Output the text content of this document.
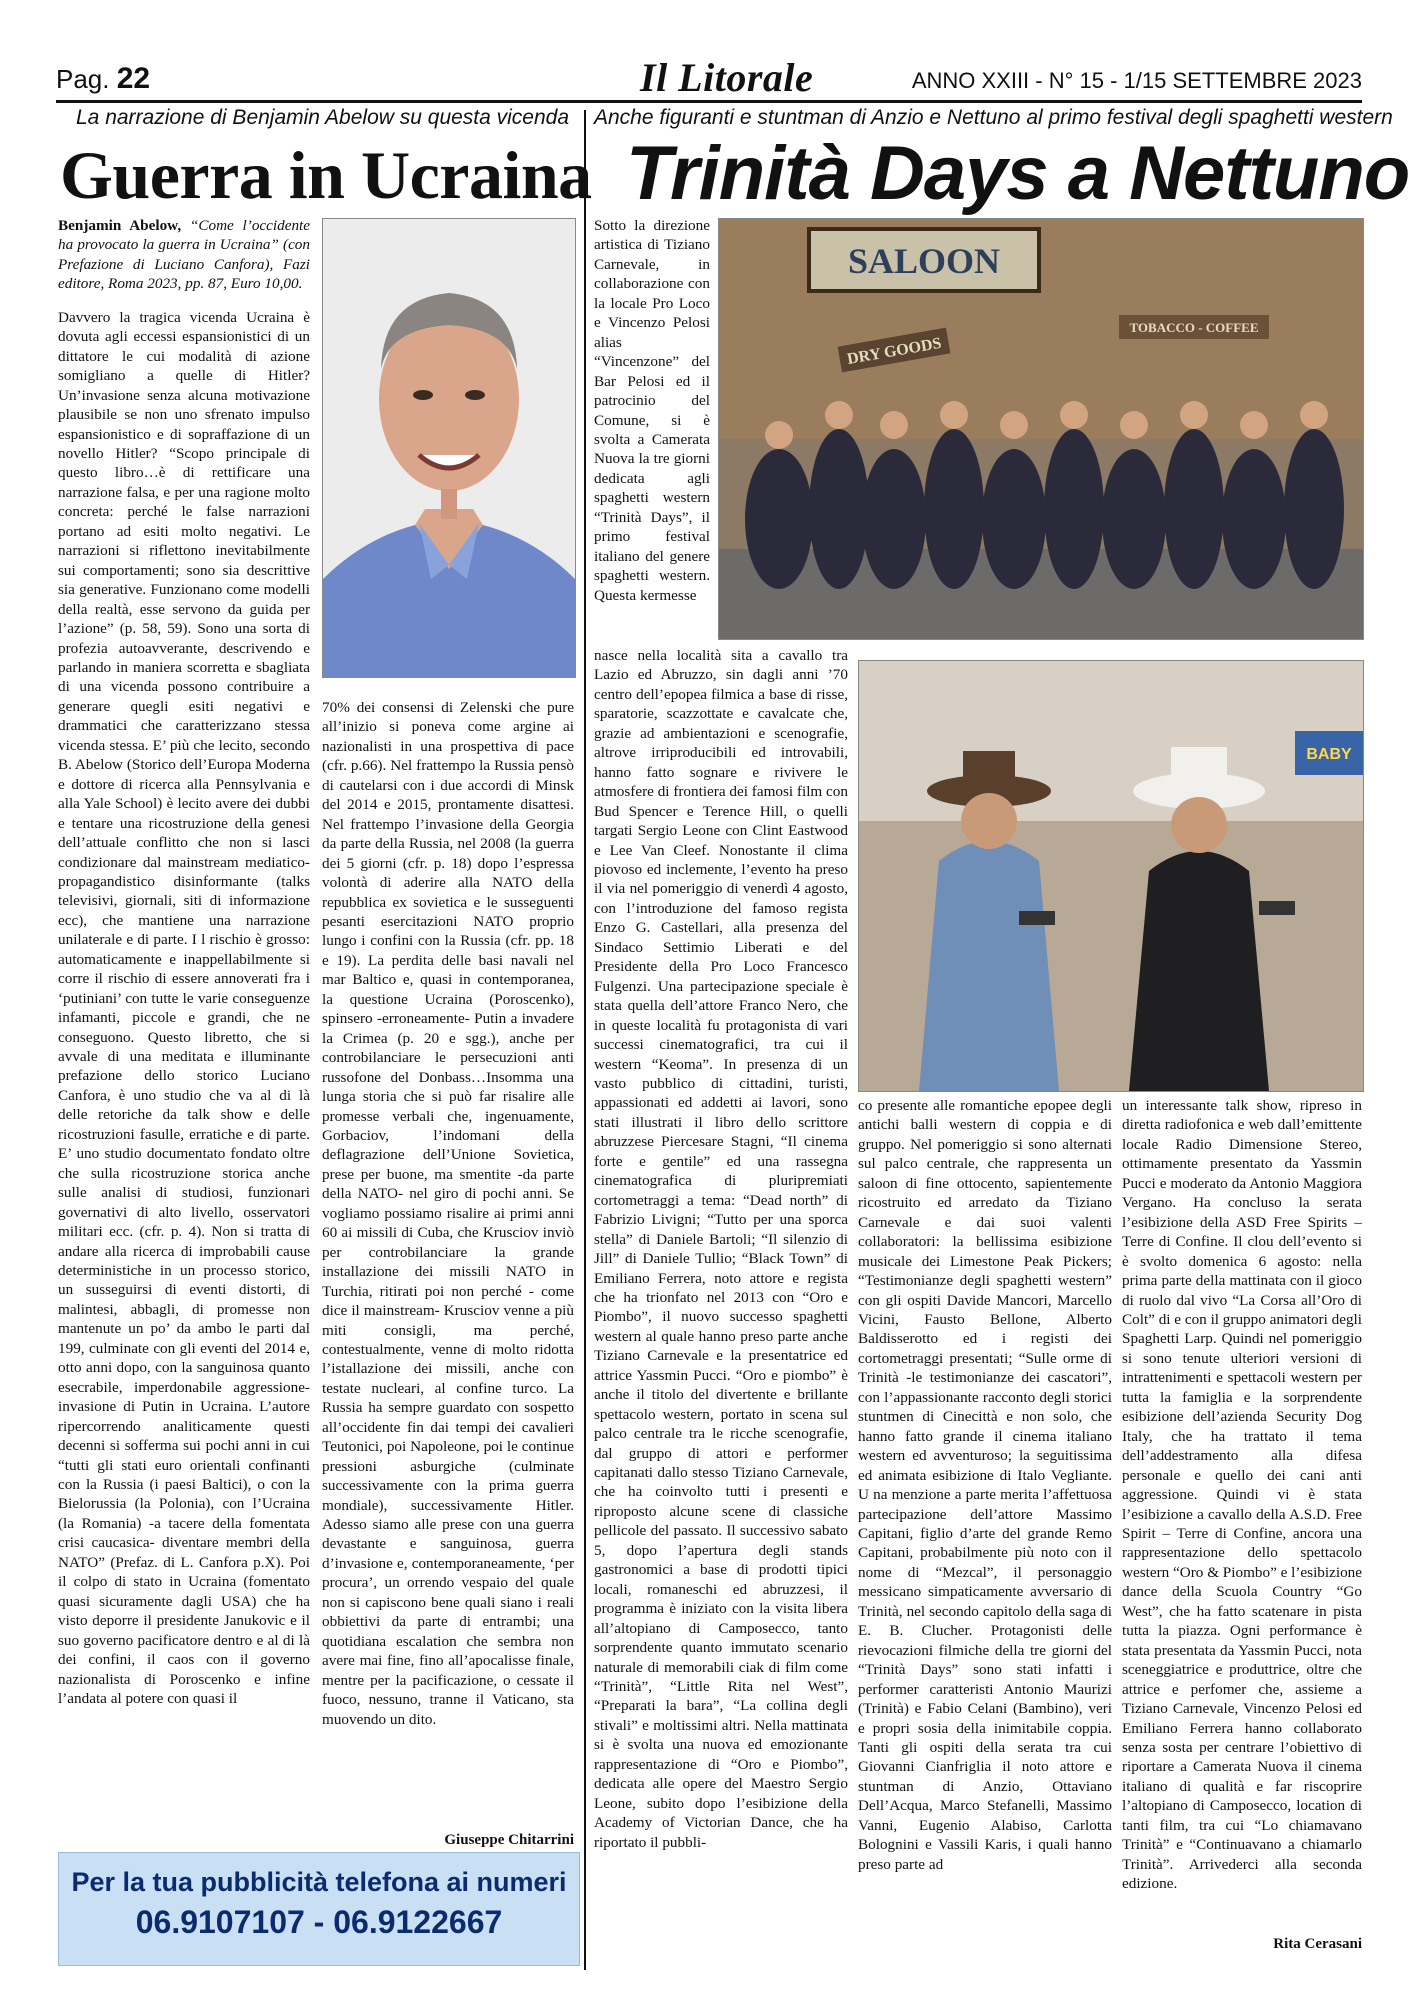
Pag. 22	Il Litorale	ANNO XXIII - N° 15 - 1/15 SETTEMBRE 2023
La narrazione di Benjamin Abelow su questa vicenda
Guerra in Ucraina

Benjamin Abelow, “Come l’occidente ha provocato la guerra in Ucraina” (con Prefazione di Luciano Canfora), Fazi editore, Roma 2023, pp. 87, Euro 10,00.

Davvero la tragica vicenda Ucraina è dovuta agli eccessi espansionistici di un dittatore le cui modalità di azione somigliano a quelle di Hitler? Un’invasione senza alcuna motivazione plausibile se non uno sfrenato impulso espansionistico e di sopraffazione di un novello Hitler? “Scopo principale di questo libro…è di rettificare una narrazione falsa, e per una ragione molto concreta: perché le false narrazioni portano ad esiti molto negativi. Le narrazioni si riflettono inevitabilmente sui comportamenti; sono sia descrittive sia generative. Funzionano come modelli della realtà, esse servono da guida per l’azione” (p. 58, 59). Sono una sorta di profezia autoavverante, descrivendo e parlando in maniera scorretta e sbagliata di una vicenda possono contribuire a generare quegli esiti negativi e drammatici che caratterizzano stessa vicenda stessa. E’ più che lecito, secondo B. Abelow (Storico dell’Europa Moderna e dottore di ricerca alla Pennsylvania e alla Yale School) è lecito avere dei dubbi e tentare una ricostruzione della genesi dell’attuale conflitto che non si lasci condizionare dal mainstream mediatico-propagandistico disinformante (talks televisivi, giornali, siti di informazione ecc), che mantiene una narrazione unilaterale e di parte. I l rischio è grosso: automaticamente e inappellabilmente si corre il rischio di essere annoverati fra i ‘putiniani’ con tutte le varie conseguenze infamanti, piccole e grandi, che ne conseguono. Questo libretto, che si avvale di una meditata e illuminante prefazione dello storico Luciano Canfora, è uno studio che va al di là delle retoriche da talk show e delle ricostruzioni fasulle, erratiche e di parte. E’ uno studio documentato fondato oltre che sulla ricostruzione storica anche sulle analisi di studiosi, funzionari governativi di alto livello, osservatori militari ecc. (cfr. p. 4). Non si tratta di andare alla ricerca di improbabili cause deterministiche in un processo storico, un susseguirsi di eventi distorti, di malintesi, abbagli, di promesse non mantenute un po’ da ambo le parti dal 199, culminate con gli eventi del 2014 e, otto anni dopo, con la sanguinosa quanto esecrabile, imperdonabile aggressione-invasione di Putin in Ucraina. L’autore ripercorrendo analiticamente questi decenni si sofferma sui pochi anni in cui “tutti gli stati euro orientali confinanti con la Russia (i paesi Baltici), o con la Bielorussia (la Polonia), con l’Ucraina (la Romania) -a tacere della fomentata crisi caucasica- diventare membri della NATO” (Prefaz. di L. Canfora p.X). Poi il colpo di stato in Ucraina (fomentato quasi sicuramente dagli USA) che ha visto deporre il presidente Janukovic e il suo governo pacificatore dentro e al di là dei confini, il caos con il governo nazionalista di Poroscenko e infine l’andata al potere con quasi il

70% dei consensi di Zelenski che pure all’inizio si poneva come argine ai nazionalisti in una prospettiva di pace (cfr. p.66). Nel frattempo la Russia pensò di cautelarsi con i due accordi di Minsk del 2014 e 2015, prontamente disattesi. Nel frattempo l’invasione della Georgia da parte della Russia, nel 2008 (la guerra dei 5 giorni (cfr. p. 18) dopo l’espressa volontà di aderire alla NATO della repubblica ex sovietica e le susseguenti pesanti esercitazioni NATO proprio lungo i confini con la Russia (cfr. pp. 18 e 19). La perdita delle basi navali nel mar Baltico e, quasi in contemporanea, la questione Ucraina (Poroscenko), spinsero -erroneamente- Putin a invadere la Crimea (p. 20 e sgg.), anche per controbilanciare le persecuzioni anti russofone del Donbass…Insomma una lunga storia che si può far risalire alle promesse verbali che, ingenuamente, Gorbaciov, l’indomani della deflagrazione dell’Unione Sovietica, prese per buone, ma smentite -da parte della NATO- nel giro di pochi anni. Se vogliamo possiamo risalire ai primi anni 60 ai missili di Cuba, che Krusciov inviò per controbilanciare la grande installazione dei missili NATO in Turchia, ritirati poi non perché - come dice il mainstream- Krusciov venne a più miti consigli, ma perché, contestualmente, venne di molto ridotta l’istallazione dei missili, anche con testate nucleari, al confine turco. La Russia ha sempre guardato con sospetto all’occidente fin dai tempi dei cavalieri Teutonici, poi Napoleone, poi le continue pressioni asburgiche (culminate successivamente con la prima guerra mondiale), successivamente Hitler. Adesso siamo alle prese con una guerra devastante e sanguinosa, guerra d’invasione e, contemporaneamente, ‘per procura’, un orrendo vespaio del quale non si capiscono bene quali siano i reali obbiettivi da parte di entrambi; una quotidiana escalation che sembra non avere mai fine, fino all’apocalisse finale, mentre per la pacificazione, o cessate il fuoco, nessuno, tranne il Vaticano, sta muovendo un dito.

Giuseppe Chitarrini
Per la tua pubblicità telefona ai numeri
06.9107107 - 06.9122667
Anche figuranti e stuntman di Anzio e Nettuno al primo festival degli spaghetti western
Trinità Days a Nettuno

Sotto la direzione artistica di Tiziano Carnevale, in collaborazione con la locale Pro Loco e Vincenzo Pelosi alias “Vincenzone” del Bar Pelosi ed il patrocinio del Comune, si è svolta a Camerata Nuova la tre giorni dedicata agli spaghetti western “Trinità Days”, il primo festival italiano del genere spaghetti western. Questa kermesse

SALOON
DRY GOODS
TOBACCO - COFFEE

nasce nella località sita a cavallo tra Lazio ed Abruzzo, sin dagli anni ’70 centro dell’epopea filmica a base di risse, sparatorie, scazzottate e cavalcate che, grazie ad ambientazioni e scenografie, altrove irriproducibili ed introvabili, hanno fatto sognare e rivivere le atmosfere di frontiera dei famosi film con Bud Spencer e Terence Hill, o quelli targati Sergio Leone con Clint Eastwood e Lee Van Cleef. Nonostante il clima piovoso ed inclemente, l’evento ha preso il via nel pomeriggio di venerdì 4 agosto, con l’introduzione del famoso regista Enzo G. Castellari, alla presenza del Sindaco Settimio Liberati e del Presidente della Pro Loco Francesco Fulgenzi. Una partecipazione speciale è stata quella dell’attore Franco Nero, che in queste località fu protagonista di vari successi cinematografici, tra cui il western “Keoma”. In presenza di un vasto pubblico di cittadini, turisti, appassionati ed addetti ai lavori, sono stati illustrati il libro dello scrittore abruzzese Piercesare Stagni, “Il cinema forte e gentile” ed una rassegna cinematografica di pluripremiati cortometraggi a tema: “Dead north” di Fabrizio Livigni; “Tutto per una sporca stella” di Daniele Bartoli; “Il silenzio di Jill” di Daniele Tullio; “Black Town” di Emiliano Ferrera, noto attore e regista che ha trionfato nel 2013 con “Oro e Piombo”, il nuovo successo spaghetti western al quale hanno preso parte anche Tiziano Carnevale e la presentatrice ed attrice Yassmin Pucci. “Oro e piombo” è anche il titolo del divertente e brillante spettacolo western, portato in scena sul palco centrale tra le ricche scenografie, dal gruppo di attori e performer capitanati dallo stesso Tiziano Carnevale, che ha coinvolto tutti i presenti e riproposto alcune scene di classiche pellicole del passato. Il successivo sabato 5, dopo l’apertura degli stands gastronomici a base di prodotti tipici locali, romaneschi ed abruzzesi, il programma è iniziato con la visita libera all’altopiano di Camposecco, tanto sorprendente quanto immutato scenario naturale di memorabili ciak di film come “Trinità”, “Little Rita nel West”, “Preparati la bara”, “La collina degli stivali” e moltissimi altri. Nella mattinata si è svolta una nuova ed emozionante rappresentazione di “Oro e Piombo”, dedicata alle opere del Maestro Sergio Leone, subito dopo l’esibizione della Academy of Victorian Dance, che ha riportato il pubbli-

BABY

co presente alle romantiche epopee degli antichi balli western di coppia e di gruppo. Nel pomeriggio si sono alternati sul palco centrale, che rappresenta un saloon di fine ottocento, sapientemente ricostruito ed arredato da Tiziano Carnevale e dai suoi valenti collaboratori: la bellissima esibizione musicale dei Limestone Peak Pickers; “Testimonianze degli spaghetti western” con gli ospiti Davide Mancori, Marcello Vicini, Fausto Bellone, Alberto Baldisserotto ed i registi dei cortometraggi presentati; “Sulle orme di Trinità -le testimonianze dei cascatori”, con l’appassionante racconto degli storici stuntmen di Cinecittà e non solo, che hanno fatto grande il cinema italiano western ed avventuroso; la seguitissima ed animata esibizione di Italo Vegliante. U na menzione a parte merita l’affettuosa partecipazione dell’attore Massimo Capitani, figlio d’arte del grande Remo Capitani, probabilmente più noto con il nome di “Mezcal”, il personaggio messicano simpaticamente avversario di Trinità, nel secondo capitolo della saga di E. B. Clucher. Protagonisti delle rievocazioni filmiche della tre giorni del “Trinità Days” sono stati infatti i performer caratteristi Antonio Maurizi (Trinità) e Fabio Celani (Bambino), veri e propri sosia della inimitabile coppia. Tanti gli ospiti della serata tra cui Giovanni Cianfriglia il noto attore e stuntman di Anzio, Ottaviano Dell’Acqua, Marco Stefanelli, Massimo Vanni, Eugenio Alabiso, Carlotta Bolognini e Vassili Karis, i quali hanno preso parte ad

un interessante talk show, ripreso in diretta radiofonica e web dall’emittente locale Radio Dimensione Stereo, ottimamente presentato da Yassmin Pucci e moderato da Antonio Maggiora Vergano. Ha concluso la serata l’esibizione della ASD Free Spirits – Terre di Confine. Il clou dell’evento si è svolto domenica 6 agosto: nella prima parte della mattinata con il gioco di ruolo dal vivo “La Corsa all’Oro di Colt” di e con il gruppo animatori degli Spaghetti Larp. Quindi nel pomeriggio si sono tenute ulteriori versioni di intrattenimenti e spettacoli western per tutta la famiglia e la sorprendente esibizione dell’azienda Security Dog Italy, che ha trattato il tema dell’addestramento alla difesa personale e quello dei cani anti aggressione. Quindi vi è stata l’esibizione a cavallo della A.S.D. Free Spirit – Terre di Confine, ancora una rappresentazione dello spettacolo western “Oro & Piombo” e l’esibizione dance della Scuola Country “Go West”, che ha fatto scatenare in pista tutta la piazza. Ogni performance è stata presentata da Yassmin Pucci, nota sceneggiatrice e produttrice, oltre che attrice e perfomer che, assieme a Tiziano Carnevale, Vincenzo Pelosi ed Emiliano Ferrera hanno collaborato senza sosta per centrare l’obiettivo di riportare a Camerata Nuova il cinema italiano di qualità e far riscoprire l’altopiano di Camposecco, location di tanti film, tra cui “Lo chiamavano Trinità” e “Continuavano a chiamarlo Trinità”. Arrivederci alla seconda edizione.

Rita Cerasani
